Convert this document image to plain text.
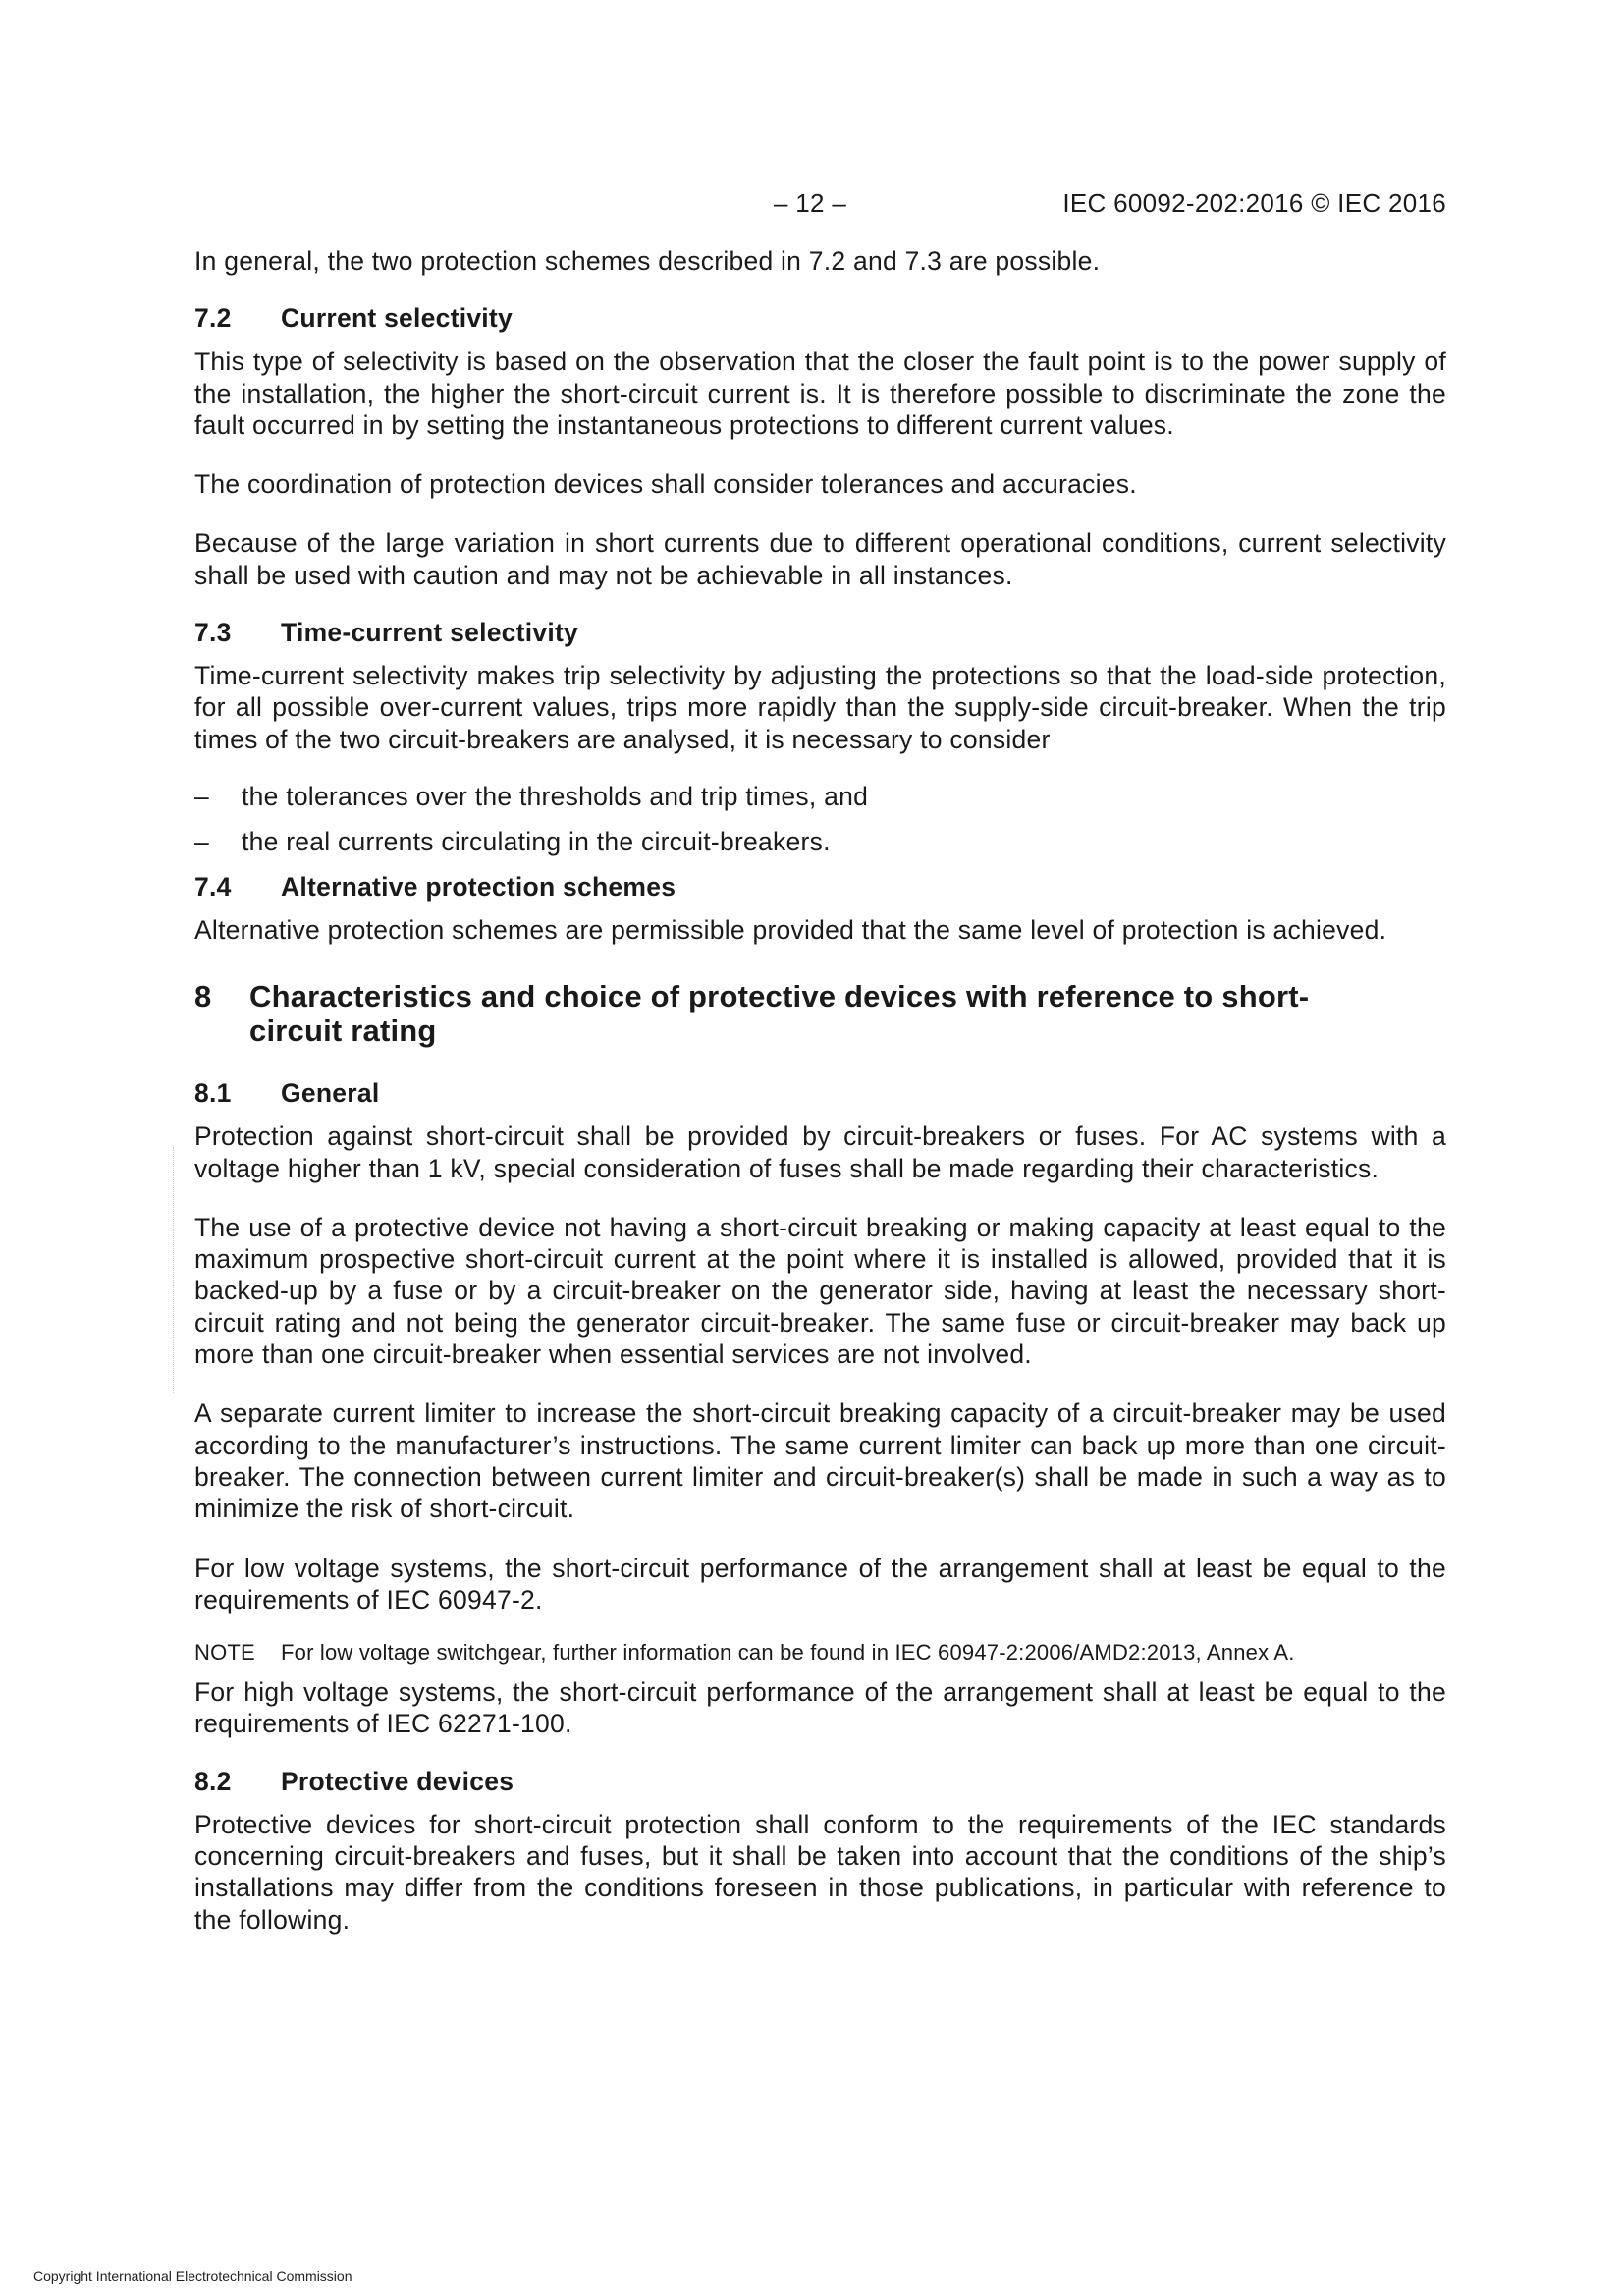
– 12 –	IEC 60092-202:2016 © IEC 2016

In general, the two protection schemes described in 7.2 and 7.3 are possible.

7.2 Current selectivity

This type of selectivity is based on the observation that the closer the fault point is to the power supply of the installation, the higher the short-circuit current is. It is therefore possible to discriminate the zone the fault occurred in by setting the instantaneous protections to different current values.

The coordination of protection devices shall consider tolerances and accuracies.

Because of the large variation in short currents due to different operational conditions, current selectivity shall be used with caution and may not be achievable in all instances.

7.3 Time-current selectivity

Time-current selectivity makes trip selectivity by adjusting the protections so that the load-side protection, for all possible over-current values, trips more rapidly than the supply-side circuit-breaker. When the trip times of the two circuit-breakers are analysed, it is necessary to consider

–	the tolerances over the thresholds and trip times, and
–	the real currents circulating in the circuit-breakers.
7.4 Alternative protection schemes

Alternative protection schemes are permissible provided that the same level of protection is achieved.

8	Characteristics and choice of protective devices with reference to short-circuit rating
8.1 General

Protection against short-circuit shall be provided by circuit-breakers or fuses. For AC systems with a voltage higher than 1 kV, special consideration of fuses shall be made regarding their characteristics.

The use of a protective device not having a short-circuit breaking or making capacity at least equal to the maximum prospective short-circuit current at the point where it is installed is allowed, provided that it is backed-up by a fuse or by a circuit-breaker on the generator side, having at least the necessary short-circuit rating and not being the generator circuit-breaker. The same fuse or circuit-breaker may back up more than one circuit-breaker when essential services are not involved.

A separate current limiter to increase the short-circuit breaking capacity of a circuit-breaker may be used according to the manufacturer’s instructions. The same current limiter can back up more than one circuit-breaker. The connection between current limiter and circuit-breaker(s) shall be made in such a way as to minimize the risk of short-circuit.

For low voltage systems, the short-circuit performance of the arrangement shall at least be equal to the requirements of IEC 60947-2.

NOTE For low voltage switchgear, further information can be found in IEC 60947-2:2006/AMD2:2013, Annex A.

For high voltage systems, the short-circuit performance of the arrangement shall at least be equal to the requirements of IEC 62271-100.

8.2 Protective devices

Protective devices for short-circuit protection shall conform to the requirements of the IEC standards concerning circuit-breakers and fuses, but it shall be taken into account that the conditions of the ship’s installations may differ from the conditions foreseen in those publications, in particular with reference to the following.

Copyright International Electrotechnical Commission
